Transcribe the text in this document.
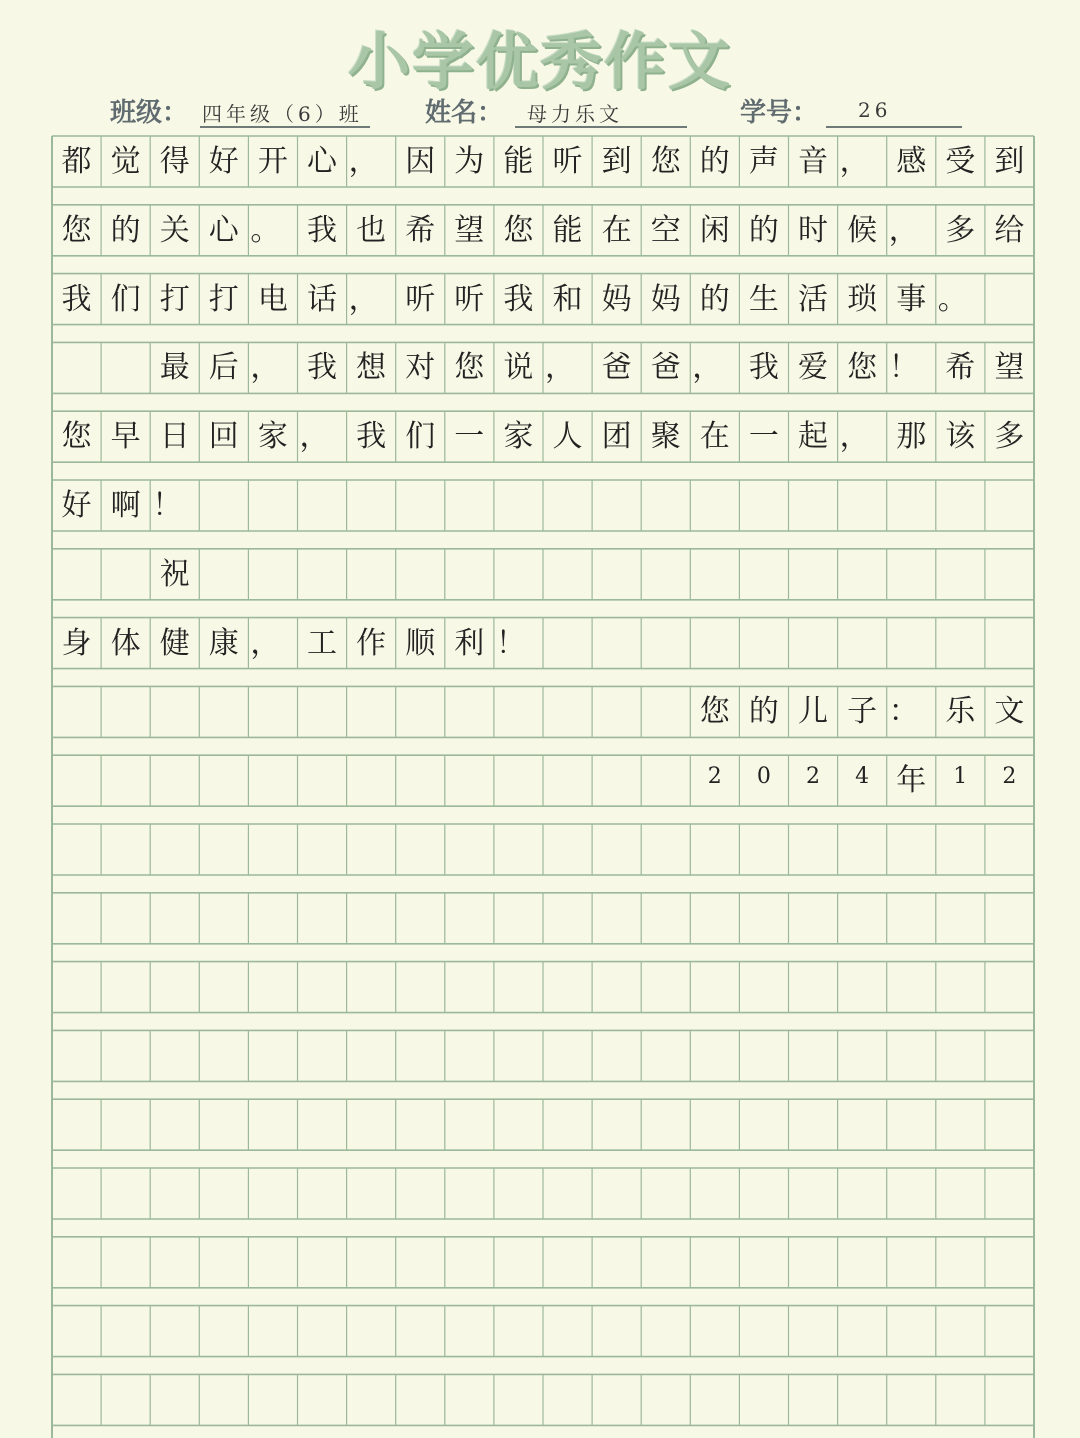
小学优秀作文
班级： 四年级（6）班 姓名： 母力乐文	学号： 26
都 觉 得 好 开 心 ， 因 为 能 听 到 您 的 声 音 ， 感 受 到
您 的 关 心 。 我 也 希 望 您 能 在 空 闲 的 时 候 ， 多 给
我 们 打 打 电 话 ， 听 听 我 和 妈 妈 的 生 活 琐 事 。
最 后 ， 我 想 对 您 说 ， 爸 爸 ， 我 爱 您 ！ 希 望
您 早 日 回 家 ， 我 们 一 家 人 团 聚 在 一 起 ， 那 该 多
好 啊 ！
祝
身 体 健 康 ， 工 作 顺 利 ！
您 的 儿 子 ： 乐 文
2	0	2	4 年	1	2
